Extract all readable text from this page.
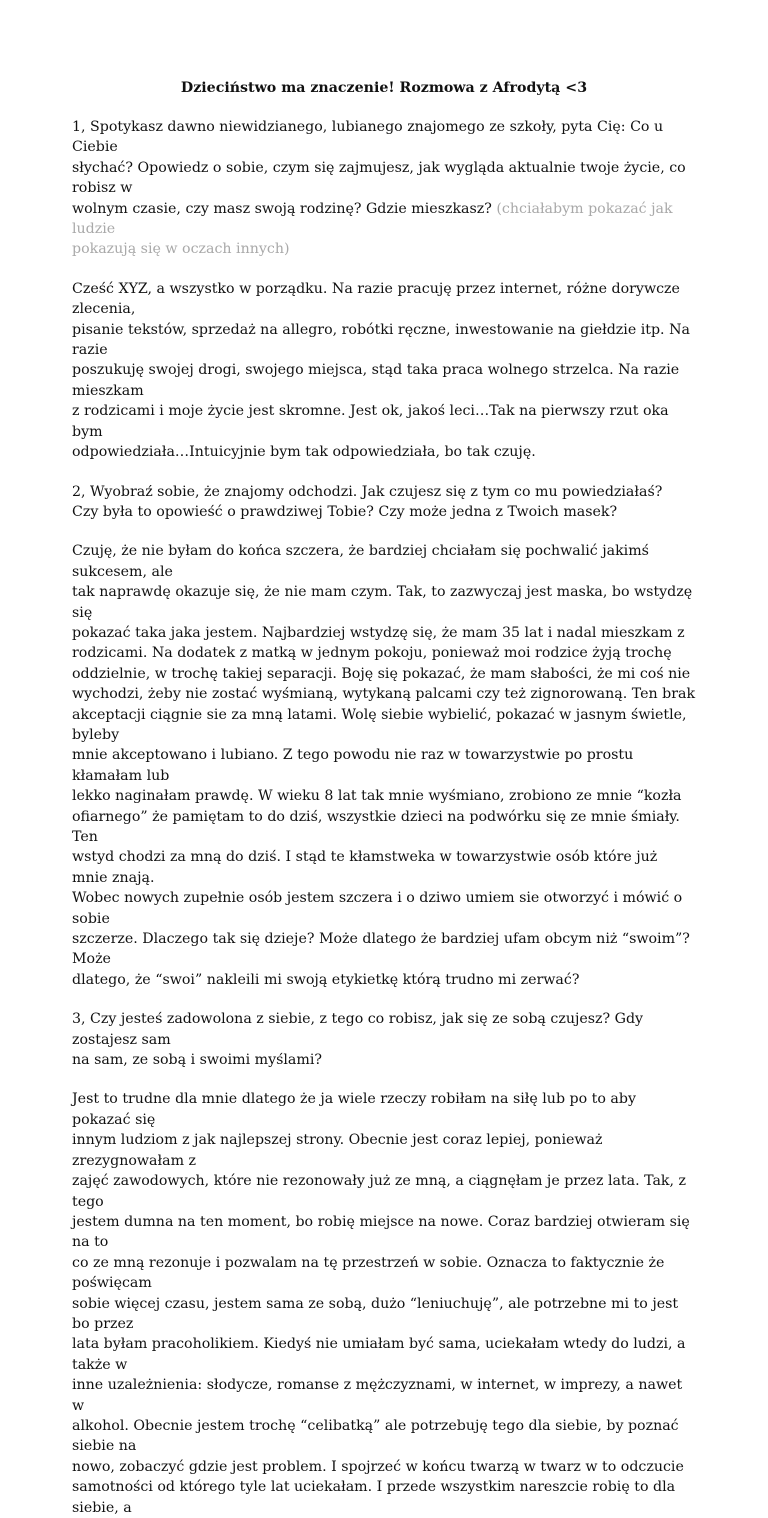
Dzieciństwo ma znaczenie! Rozmowa z Afrodytą <3
1, Spotykasz dawno niewidzianego, lubianego znajomego ze szkoły, pyta Cię: Co u Ciebie
słychać? Opowiedz o sobie, czym się zajmujesz, jak wygląda aktualnie twoje życie, co robisz w
wolnym czasie, czy masz swoją rodzinę? Gdzie mieszkasz? (chciałabym pokazać jak ludzie
pokazują się w oczach innych)
Cześć XYZ, a wszystko w porządku. Na razie pracuję przez internet, różne dorywcze zlecenia,
pisanie tekstów, sprzedaż na allegro, robótki ręczne, inwestowanie na giełdzie itp. Na razie
poszukuję swojej drogi, swojego miejsca, stąd taka praca wolnego strzelca. Na razie mieszkam
z rodzicami i moje życie jest skromne. Jest ok, jakoś leci…Tak na pierwszy rzut oka bym
odpowiedziała…Intuicyjnie bym tak odpowiedziała, bo tak czuję.
2, Wyobraź sobie, że znajomy odchodzi. Jak czujesz się z tym co mu powiedziałaś?
Czy była to opowieść o prawdziwej Tobie? Czy może jedna z Twoich masek?
Czuję, że nie byłam do końca szczera, że bardziej chciałam się pochwalić jakimś sukcesem, ale
tak naprawdę okazuje się, że nie mam czym. Tak, to zazwyczaj jest maska, bo wstydzę się
pokazać taka jaka jestem. Najbardziej wstydzę się, że mam 35 lat i nadal mieszkam z
rodzicami. Na dodatek z matką w jednym pokoju, ponieważ moi rodzice żyją trochę
oddzielnie, w trochę takiej separacji. Boję się pokazać, że mam słabości, że mi coś nie
wychodzi, żeby nie zostać wyśmianą, wytykaną palcami czy też zignorowaną. Ten brak
akceptacji ciągnie sie za mną latami. Wolę siebie wybielić, pokazać w jasnym świetle, byleby
mnie akceptowano i lubiano. Z tego powodu nie raz w towarzystwie po prostu kłamałam lub
lekko naginałam prawdę. W wieku 8 lat tak mnie wyśmiano, zrobiono ze mnie “kozła
ofiarnego” że pamiętam to do dziś, wszystkie dzieci na podwórku się ze mnie śmiały. Ten
wstyd chodzi za mną do dziś. I stąd te kłamstweka w towarzystwie osób które już mnie znają.
Wobec nowych zupełnie osób jestem szczera i o dziwo umiem sie otworzyć i mówić o sobie
szczerze. Dlaczego tak się dzieje? Może dlatego że bardziej ufam obcym niż “swoim”? Może
dlatego, że “swoi” nakleili mi swoją etykietkę którą trudno mi zerwać?
3, Czy jesteś zadowolona z siebie, z tego co robisz, jak się ze sobą czujesz? Gdy zostajesz sam
na sam, ze sobą i swoimi myślami?
Jest to trudne dla mnie dlatego że ja wiele rzeczy robiłam na siłę lub po to aby pokazać się
innym ludziom z jak najlepszej strony. Obecnie jest coraz lepiej, ponieważ zrezygnowałam z
zajęć zawodowych, które nie rezonowały już ze mną, a ciągnęłam je przez lata. Tak, z tego
jestem dumna na ten moment, bo robię miejsce na nowe. Coraz bardziej otwieram się na to
co ze mną rezonuje i pozwalam na tę przestrzeń w sobie. Oznacza to faktycznie że poświęcam
sobie więcej czasu, jestem sama ze sobą, dużo “leniuchuję”, ale potrzebne mi to jest bo przez
lata byłam pracoholikiem. Kiedyś nie umiałam być sama, uciekałam wtedy do ludzi, a także w
inne uzależnienia: słodycze, romanse z mężczyznami, w internet, w imprezy, a nawet w
alkohol. Obecnie jestem trochę “celibatką” ale potrzebuję tego dla siebie, by poznać siebie na
nowo, zobaczyć gdzie jest problem. I spojrzeć w końcu twarzą w twarz w to odczucie
samotności od którego tyle lat uciekałam. I przede wszystkim nareszcie robię to dla siebie, a
